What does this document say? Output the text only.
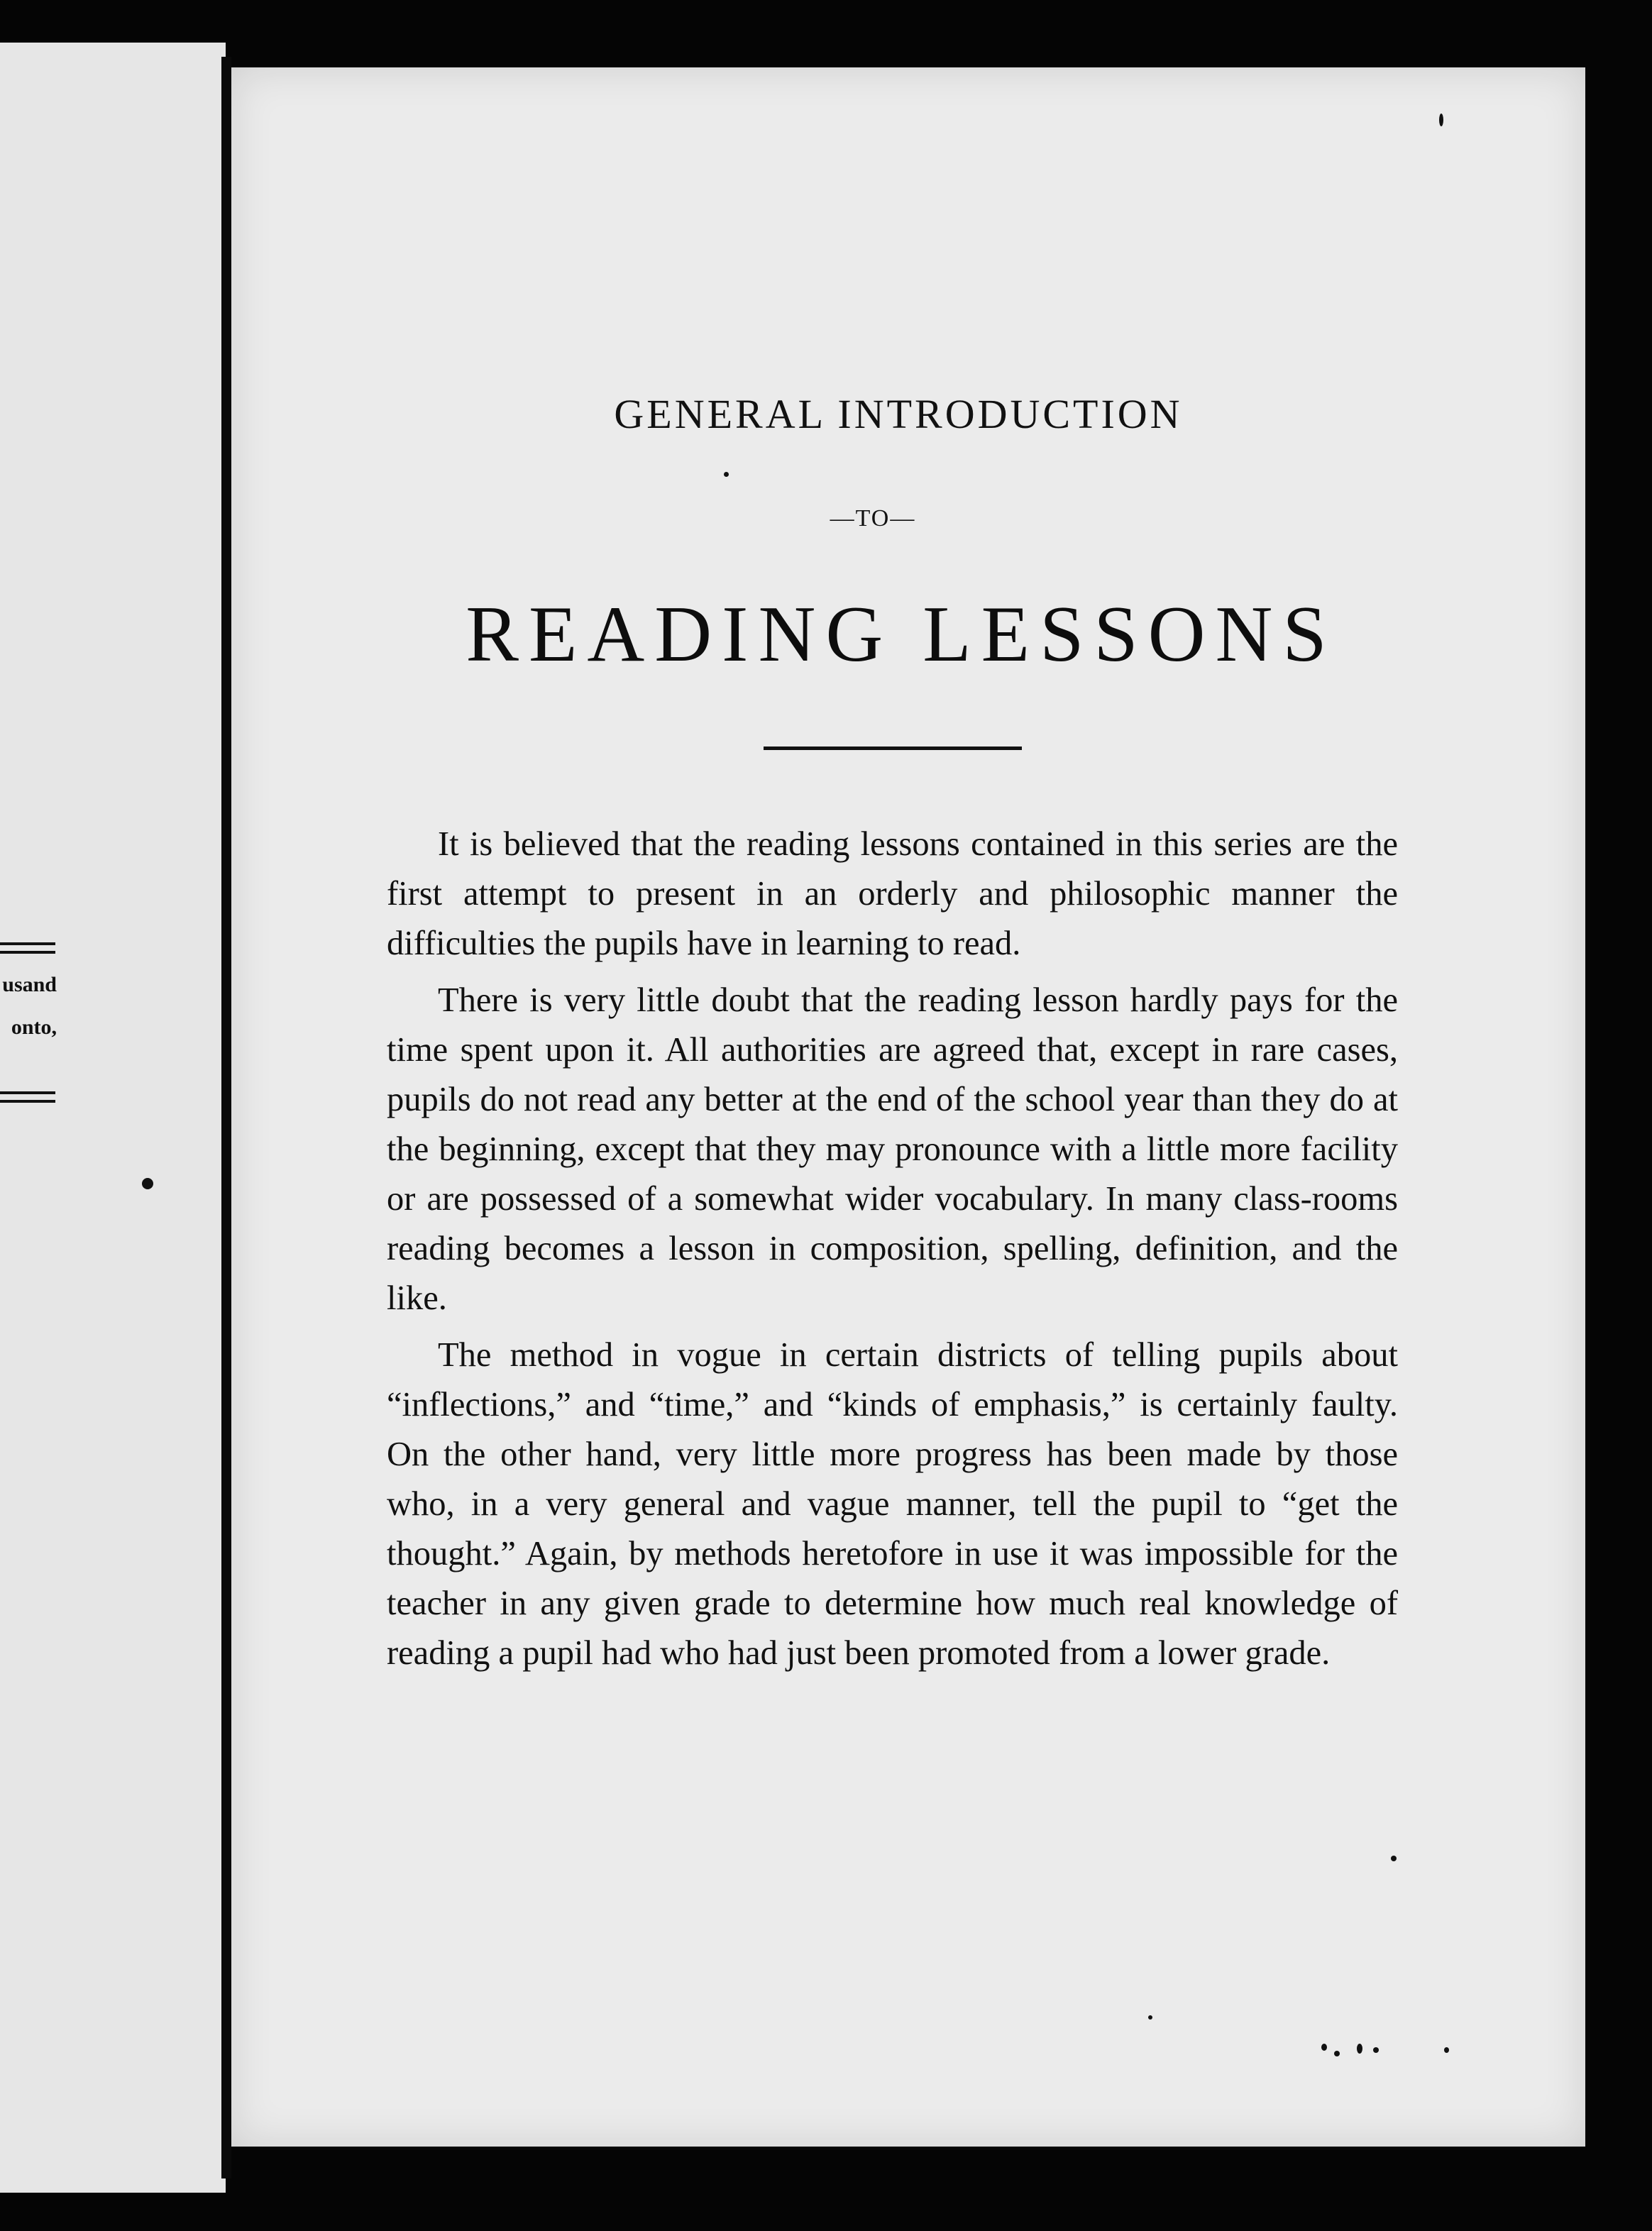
usand
onto,
GENERAL INTRODUCTION
—TO—
READING LESSONS

It is believed that the reading lessons contained in this series are the first attempt to present in an orderly and philosophic manner the difficulties the pupils have in learning to read.

There is very little doubt that the reading lesson hardly pays for the time spent upon it. All authorities are agreed that, except in rare cases, pupils do not read any better at the end of the school year than they do at the beginning, except that they may pronounce with a little more facility or are possessed of a somewhat wider vocabulary. In many class-rooms reading becomes a lesson in composition, spelling, definition, and the like.

The method in vogue in certain districts of telling pupils about “inflections,” and “time,” and “kinds of emphasis,” is certainly faulty. On the other hand, very little more progress has been made by those who, in a very general and vague manner, tell the pupil to “get the thought.” Again, by methods heretofore in use it was impossible for the teacher in any given grade to determine how much real knowledge of reading a pupil had who had just been promoted from a lower grade.
